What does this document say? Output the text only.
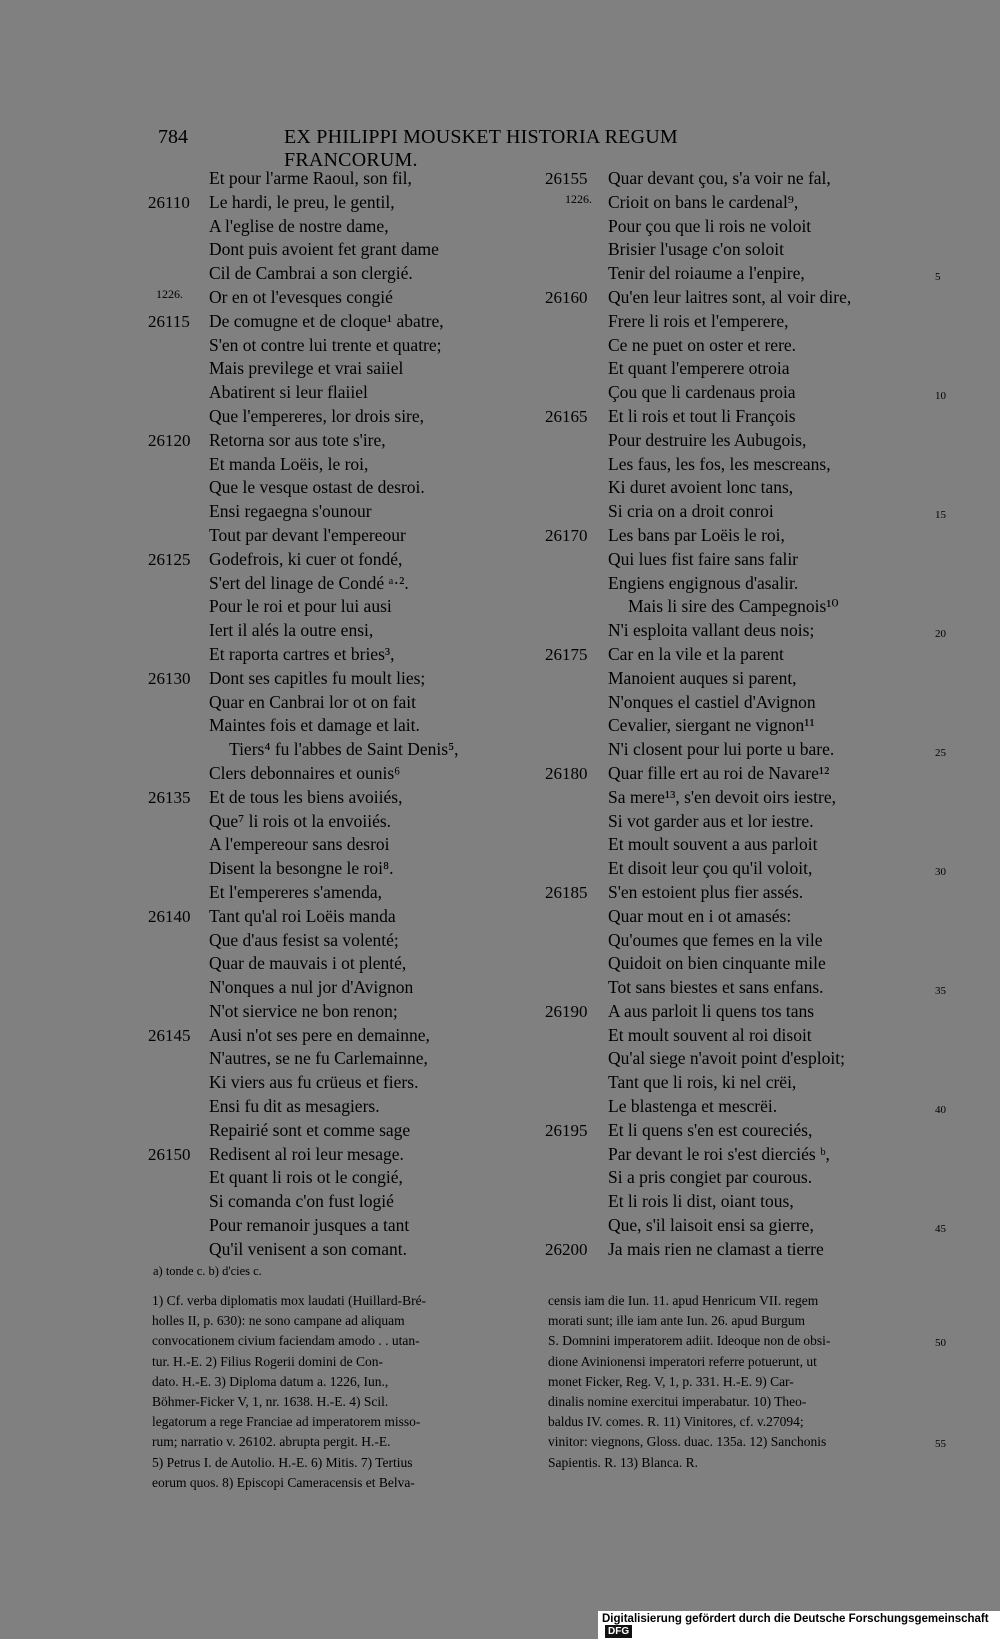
784	EX PHILIPPI MOUSKET HISTORIA REGUM FRANCORUM.
Et pour l'arme Raoul, son fil,
26110 Le hardi, le preu, le gentil,
A l'eglise de nostre dame,
Dont puis avoient fet grant dame
Cil de Cambrai a son clergié.
1226. Or en ot l'evesques congié
26115 De comugne et de cloque¹ abatre,
S'en ot contre lui trente et quatre;
Mais previlege et vrai saiiel
Abatirent si leur flaiiel
Que l'empereres, lor drois sire,
26120 Retorna sor aus tote s'ire,
Et manda Loëis, le roi,
Que le vesque ostast de desroi.
Ensi regaegna s'ounour
Tout par devant l'empereour
26125 Godefrois, ki cuer ot fondé,
S'ert del linage de Condé ᵃ·².
Pour le roi et pour lui ausi
Iert il alés la outre ensi,
Et raporta cartres et bries³,
26130 Dont ses capitles fu moult lies;
Quar en Canbrai lor ot on fait
Maintes fois et damage et lait.
Tiers⁴ fu l'abbes de Saint Denis⁵,
Clers debonnaires et ounis⁶
26135 Et de tous les biens avoiiés,
Que⁷ li rois ot la envoiiés.
A l'empereour sans desroi
Disent la besongne le roi⁸.
Et l'empereres s'amenda,
26140 Tant qu'al roi Loëis manda
Que d'aus fesist sa volenté;
Quar de mauvais i ot plenté,
N'onques a nul jor d'Avignon
N'ot siervice ne bon renon;
26145 Ausi n'ot ses pere en demainne,
N'autres, se ne fu Carlemainne,
Ki viers aus fu crüeus et fiers.
Ensi fu dit as mesagiers.
Repairié sont et comme sage
26150 Redisent al roi leur mesage.
Et quant li rois ot le congié,
Si comanda c'on fust logié
Pour remanoir jusques a tant
Qu'il venisent a son comant.
26155 Quar devant çou, s'a voir ne fal,
1226. Crioit on bans le cardenal⁹,
Pour çou que li rois ne voloit
Brisier l'usage c'on soloit
Tenir del roiaume a l'enpire,	5
26160 Qu'en leur laitres sont, al voir dire,
Frere li rois et l'emperere,
Ce ne puet on oster et rere.
Et quant l'emperere otroia
Çou que li cardenaus proia	10
26165 Et li rois et tout li François
Pour destruire les Aubugois,
Les faus, les fos, les mescreans,
Ki duret avoient lonc tans,
Si cria on a droit conroi	15
26170 Les bans par Loëis le roi,
Qui lues fist faire sans falir
Engiens engignous d'asalir.
Mais li sire des Campegnois¹⁰
N'i esploita vallant deus nois;	20
26175 Car en la vile et la parent
Manoient auques si parent,
N'onques el castiel d'Avignon
Cevalier, siergant ne vignon¹¹
N'i closent pour lui porte u bare.	25
26180 Quar fille ert au roi de Navare¹²
Sa mere¹³, s'en devoit oirs iestre,
Si vot garder aus et lor iestre.
Et moult souvent a aus parloit
Et disoit leur çou qu'il voloit,	30
26185 S'en estoient plus fier assés.
Quar mout en i ot amasés:
Qu'oumes que femes en la vile
Quidoit on bien cinquante mile
Tot sans biestes et sans enfans.	35
26190 A aus parloit li quens tos tans
Et moult souvent al roi disoit
Qu'al siege n'avoit point d'esploit;
Tant que li rois, ki nel crëi,
Le blastenga et mescrëi.	40
26195 Et li quens s'en est coureciés,
Par devant le roi s'est dierciés ᵇ,
Si a pris congiet par courous.
Et li rois li dist, oiant tous,
Que, s'il laisoit ensi sa gierre,	45
26200 Ja mais rien ne clamast a tierre
a) tonde c. b) d'cies c.
1) Cf. verba diplomatis mox laudati (Huillard-Bré-
holles II, p. 630): ne sono campane ad aliquam
convocationem civium faciendam amodo . . utan-
tur. H.-E. 2) Filius Rogerii domini de Con-
dato. H.-E. 3) Diploma datum a. 1226, Iun.,
Böhmer-Ficker V, 1, nr. 1638. H.-E. 4) Scil.
legatorum a rege Franciae ad imperatorem misso-
rum; narratio v. 26102. abrupta pergit. H.-E.
5) Petrus I. de Autolio. H.-E. 6) Mitis. 7) Tertius
eorum quos. 8) Episcopi Cameracensis et Belva-
censis iam die Iun. 11. apud Henricum VII. regem
morati sunt; ille iam ante Iun. 26. apud Burgum
S. Domnini imperatorem adiit. Ideoque non de obsi-	50
dione Avinionensi imperatori referre potuerunt, ut
monet Ficker, Reg. V, 1, p. 331. H.-E. 9) Car-
dinalis nomine exercitui imperabatur. 10) Theo-
baldus IV. comes. R. 11) Vinitores, cf. v.27094;
vinitor: viegnons, Gloss. duac. 135a. 12) Sanchonis	55
Sapientis. R. 13) Blanca. R.
Digitalisierung gefördert durch die Deutsche Forschungsgemeinschaft DFG
